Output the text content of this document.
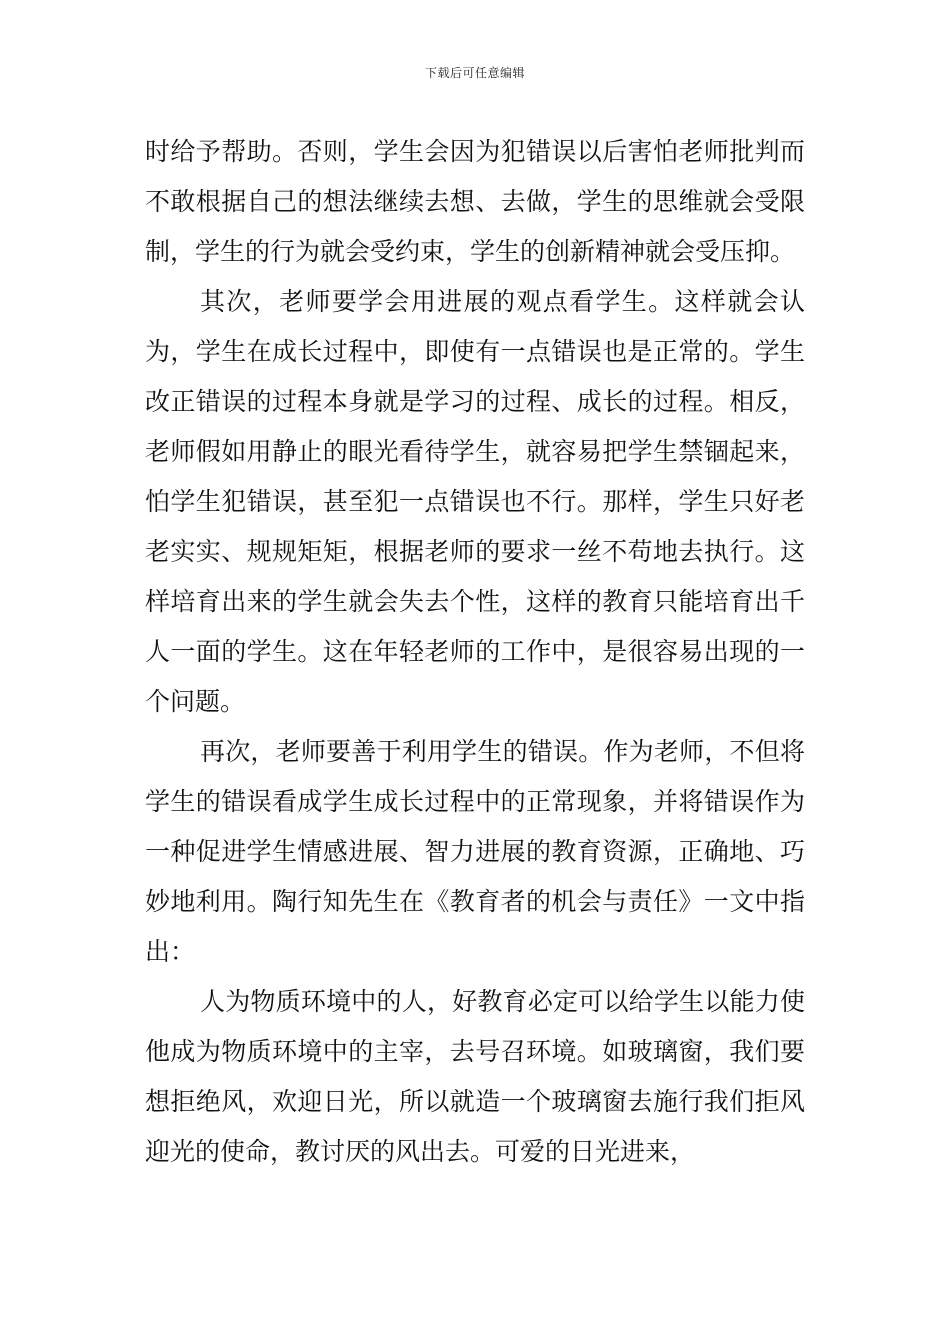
下载后可任意编辑

时给予帮助。否则，学生会因为犯错误以后害怕老师批判而不敢根据自己的想法继续去想、去做，学生的思维就会受限制，学生的行为就会受约束，学生的创新精神就会受压抑。

其次，老师要学会用进展的观点看学生。这样就会认为，学生在成长过程中，即使有一点错误也是正常的。学生改正错误的过程本身就是学习的过程、成长的过程。相反，老师假如用静止的眼光看待学生，就容易把学生禁锢起来，怕学生犯错误，甚至犯一点错误也不行。那样，学生只好老老实实、规规矩矩，根据老师的要求一丝不苟地去执行。这样培育出来的学生就会失去个性，这样的教育只能培育出千人一面的学生。这在年轻老师的工作中，是很容易出现的一个问题。

再次，老师要善于利用学生的错误。作为老师，不但将学生的错误看成学生成长过程中的正常现象，并将错误作为一种促进学生情感进展、智力进展的教育资源，正确地、巧妙地利用。陶行知先生在《教育者的机会与责任》一文中指出：

人为物质环境中的人，好教育必定可以给学生以能力使他成为物质环境中的主宰，去号召环境。如玻璃窗，我们要想拒绝风，欢迎日光，所以就造一个玻璃窗去施行我们拒风迎光的使命，教讨厌的风出去。可爱的日光进来，
